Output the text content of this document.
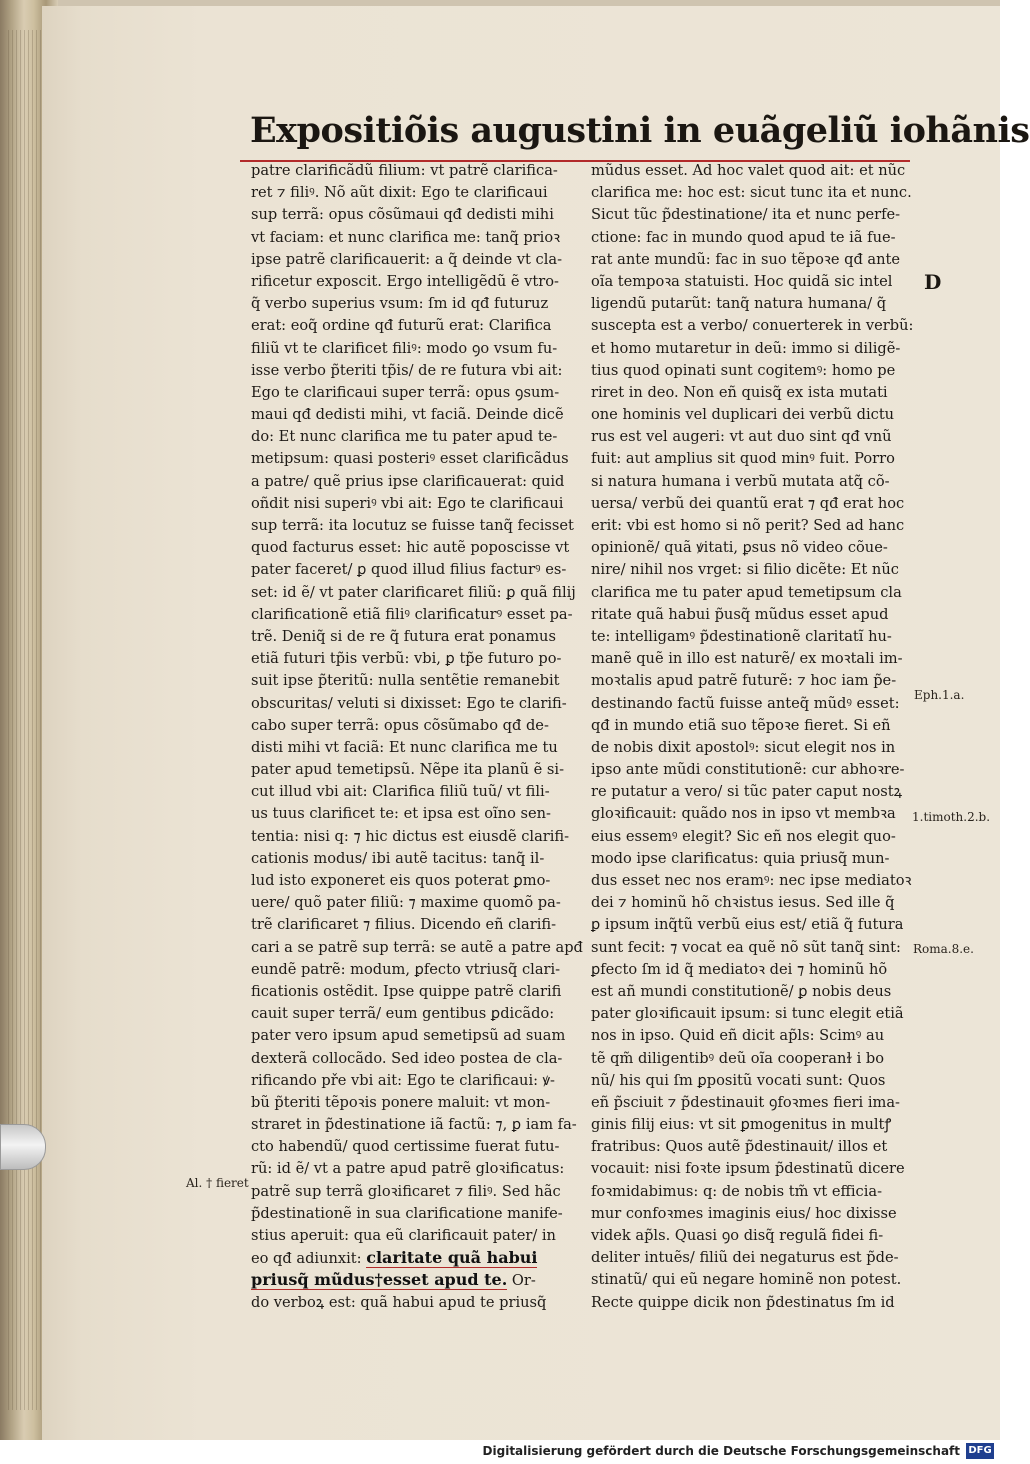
Expositiõis augustini in euãgeliũ iohãnis
patre clarificãdũ filium: vt patrẽ clarifica-
ret ⁊ filiꝰ. Nõ aũt dixit: Ego te clarificaui
sup terrã: opus cõsũmaui qđ dedisti mihi
vt faciam: et nunc clarifica me: tanq̃ prioꝛ
ipse patrẽ clarificauerit: a q̃ deinde vt cla-
rificetur exposcit. Ergo intelligẽdũ ẽ vtro-
q̃ verbo superius vsum: ſm id qđ futuruz
erat: eoq̃ ordine qđ futurũ erat: Clarifica
filiũ vt te clarificet filiꝰ: modo ꝯo vsum fu-
isse verbo p̃teriti tp̃is/ de re futura vbi ait:
Ego te clarificaui super terrã: opus ꝯsum-
maui qđ dedisti mihi, vt faciã. Deinde dicẽ
do: Et nunc clarifica me tu pater apud te-
metipsum: quasi posteriꝰ esset clarificãdus
a patre/ quẽ prius ipse clarificauerat: quid
oñdit nisi superiꝰ vbi ait: Ego te clarificaui
sup terrã: ita locutuz se fuisse tanq̃ fecisset
quod facturus esset: hic autẽ poposcisse vt
pater faceret/ ꝑ quod illud filius facturꝰ es-
set: id ẽ/ vt pater clarificaret filiũ: ꝑ quã filij
clarificationẽ etiã filiꝰ clarificaturꝰ esset pa-
trẽ. Deniq̃ si de re q̃ futura erat ponamus
etiã futuri tp̃is verbũ: vbi, ꝑ tp̃e futuro po-
suit ipse p̃teritũ: nulla sentẽtie remanebit
obscuritas/ veluti si dixisset: Ego te clarifi-
cabo super terrã: opus cõsũmabo qđ de-
disti mihi vt faciã: Et nunc clarifica me tu
pater apud temetipsũ. Nẽpe ita planũ ẽ si-
cut illud vbi ait: Clarifica filiũ tuũ/ vt fili-
us tuus clarificet te: et ipsa est oĩno sen-
tentia: nisi q: ⁊ hic dictus est eiusdẽ clarifi-
cationis modus/ ibi autẽ tacitus: tanq̃ il-
lud isto exponeret eis quos poterat ꝑmo-
uere/ quõ pater filiũ: ⁊ maxime quomõ pa-
trẽ clarificaret ⁊ filius. Dicendo eñ clarifi-
cari a se patrẽ sup terrã: se autẽ a patre apđ
eundẽ patrẽ: modum, ꝑfecto vtriusq̃ clari-
ficationis ostẽdit. Ipse quippe patrẽ clarifi
cauit super terrã/ eum gentibus ꝑdicãdo:
pater vero ipsum apud semetipsũ ad suam
dexterã collocãdo. Sed ideo postea de cla-
rificando pře vbi ait: Ego te clarificaui: ꝟ-
bũ p̃teriti tẽpoꝛis ponere maluit: vt mon-
straret in p̃destinatione iã factũ: ⁊, ꝑ iam fa-
cto habendũ/ quod certissime fuerat futu-
rũ: id ẽ/ vt a patre apud patrẽ gloꝛificatus:
patrẽ sup terrã gloꝛificaret ⁊ filiꝰ. Sed hãc
p̃destinationẽ in sua clarificatione manife-
stius aperuit: qua eũ clarificauit pater/ in
eo qđ adiunxit: claritate quã habui
priusq̃ mũdus†esset apud te. Or-
do verboꝝ est: quã habui apud te priusq̃
mũdus esset. Ad hoc valet quod ait: et nũc
clarifica me: hoc est: sicut tunc ita et nunc.
Sicut tũc p̃destinatione/ ita et nunc perfe-
ctione: fac in mundo quod apud te iã fue-
rat ante mundũ: fac in suo tẽpoꝛe qđ ante
oĩa tempoꝛa statuisti. Hoc quidã sic intel
ligendũ putarũt: tanq̃ natura humana/ q̃
suscepta est a verbo/ conuerterek in verbũ:
et homo mutaretur in deũ: immo si diligẽ-
tius quod opinati sunt cogitemꝰ: homo pe
riret in deo. Non eñ quisq̃ ex ista mutati
one hominis vel duplicari dei verbũ dictu
rus est vel augeri: vt aut duo sint qđ vnũ
fuit: aut amplius sit quod minꝰ fuit. Porro
si natura humana i verbũ mutata atq̃ cõ-
uersa/ verbũ dei quantũ erat ⁊ qđ erat hoc
erit: vbi est homo si nõ perit? Sed ad hanc
opinionẽ/ quã ꝟitati, ꝑsus nõ video cõue-
nire/ nihil nos vrget: si filio dicẽte: Et nũc
clarifica me tu pater apud temetipsum cla
ritate quã habui p̃usq̃ mũdus esset apud
te: intelligamꝰ p̃destinationẽ claritatĩ hu-
manẽ quẽ in illo est naturẽ/ ex moꝛtali im-
moꝛtalis apud patrẽ futurẽ: ⁊ hoc iam p̃e-
destinando factũ fuisse anteq̃ mũdꝰ esset:
qđ in mundo etiã suo tẽpoꝛe fieret. Si eñ
de nobis dixit apostolꝰ: sicut elegit nos in
ipso ante mũdi constitutionẽ: cur abhoꝛre-
re putatur a vero/ si tũc pater caput nostꝝ
gloꝛificauit: quãdo nos in ipso vt membꝛa
eius essemꝰ elegit? Sic eñ nos elegit quo-
modo ipse clarificatus: quia priusq̃ mun-
dus esset nec nos eramꝰ: nec ipse mediatoꝛ
dei ⁊ hominũ hõ chꝛistus iesus. Sed ille q̃
ꝑ ipsum inq̃tũ verbũ eius est/ etiã q̃ futura
sunt fecit: ⁊ vocat ea quẽ nõ sũt tanq̃ sint:
ꝑfecto ſm id q̃ mediatoꝛ dei ⁊ hominũ hõ
est añ mundi constitutionẽ/ ꝑ nobis deus
pater gloꝛificauit ipsum: si tunc elegit etiã
nos in ipso. Quid eñ dicit ap̃ls: Scimꝰ au
tẽ qm̃ diligentibꝰ deũ oĩa cooperanɫ i bo
nũ/ his qui ſm ꝑpositũ vocati sunt: Quos
eñ p̃sciuit ⁊ p̃destinauit ꝯfoꝛmes fieri ima-
ginis filij eius: vt sit ꝑmogenitus in multꝭ
fratribus: Quos autẽ p̃destinauit/ illos et
vocauit: nisi foꝛte ipsum p̃destinatũ dicere
foꝛmidabimus: q: de nobis tm̃ vt efficia-
mur confoꝛmes imaginis eius/ hoc dixisse
videk ap̃ls. Quasi ꝯo disq̃ regulã fidei fi-
deliter intuẽs/ filiũ dei negaturus est p̃de-
stinatũ/ qui eũ negare hominẽ non potest.
Recte quippe dicik non p̃destinatus ſm id
D
Eph.1.a.
1.timoth.2.b.
Roma.8.e.
Al. † fieret
Digitalisierung gefördert durch die Deutsche Forschungsgemeinschaft DFG
